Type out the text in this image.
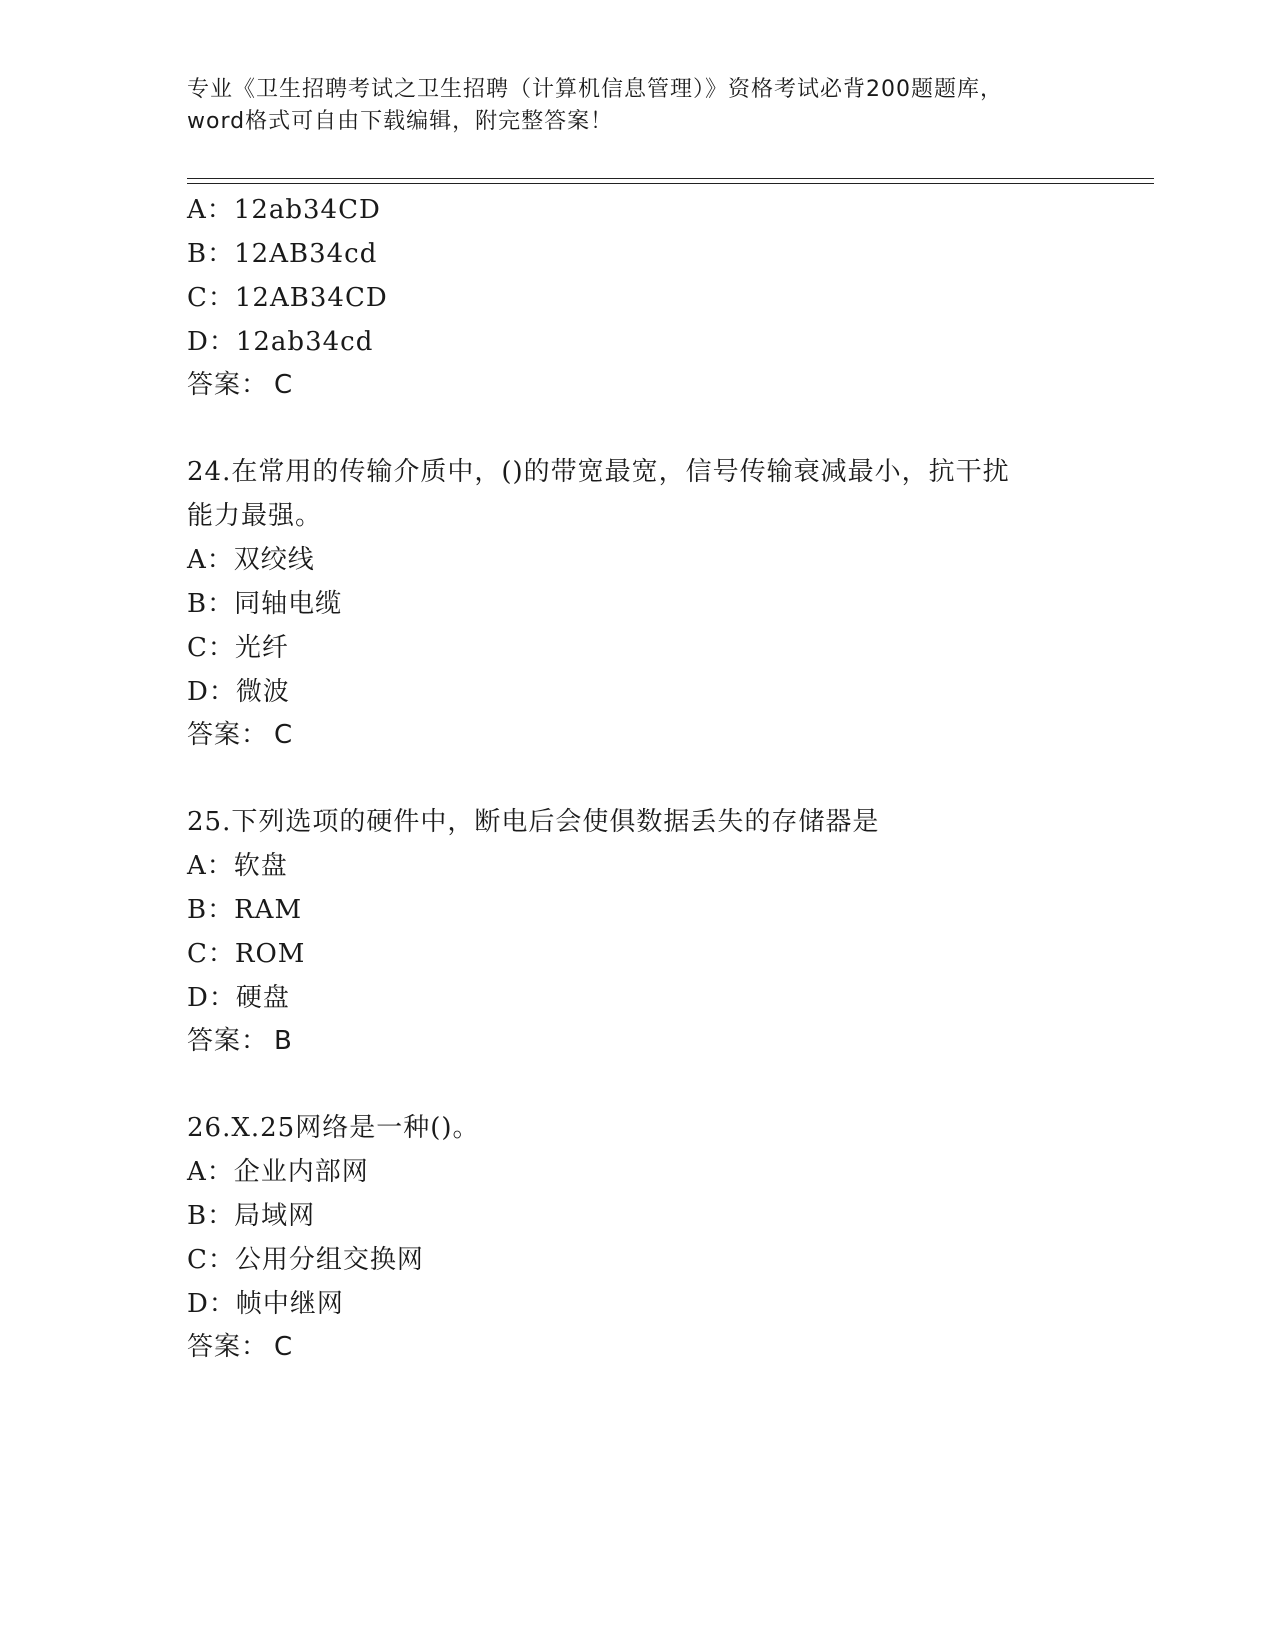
专业《卫生招聘考试之卫生招聘（计算机信息管理）》资格考试必背200题题库，
word格式可自由下载编辑，附完整答案！
A：12ab34CD
B：12AB34cd
C：12AB34CD
D：12ab34cd
答案： C
24.在常用的传输介质中，()的带宽最宽，信号传输衰减最小，抗干扰
能力最强。
A：双绞线
B：同轴电缆
C：光纤
D：微波
答案： C
25.下列选项的硬件中，断电后会使俱数据丢失的存储器是
A：软盘
B：RAM
C：ROM
D：硬盘
答案： B
26.X.25网络是一种()。
A：企业内部网
B：局域网
C：公用分组交换网
D：帧中继网
答案： C
